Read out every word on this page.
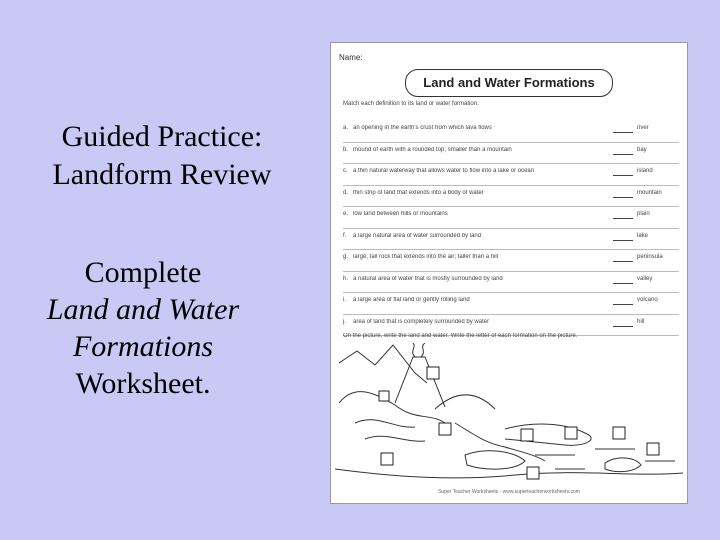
Guided Practice:
Landform Review
Complete
Land and Water
Formations
Worksheet.
Name:
Land and Water Formations
Match each definition to its land or water formation.
a. an opening in the earth's crust from which lava flows	river
b. mound of earth with a rounded top; smaller than a mountain	bay
c. a thin natural waterway that allows water to flow into a lake or ocean	island
d. thin strip of land that extends into a body of water	mountain
e. low land between hills or mountains	plain
f. a large natural area of water surrounded by land	lake
g. large, tall rock that extends into the air; taller than a hill	peninsula
h. a natural area of water that is mostly surrounded by land	valley
i. a large area of flat land or gently rolling land	volcano
j. area of land that is completely surrounded by water	hill
On the picture, write the land and water. Write the letter of each formation on the picture.
Super Teacher Worksheets - www.superteacherworksheets.com
